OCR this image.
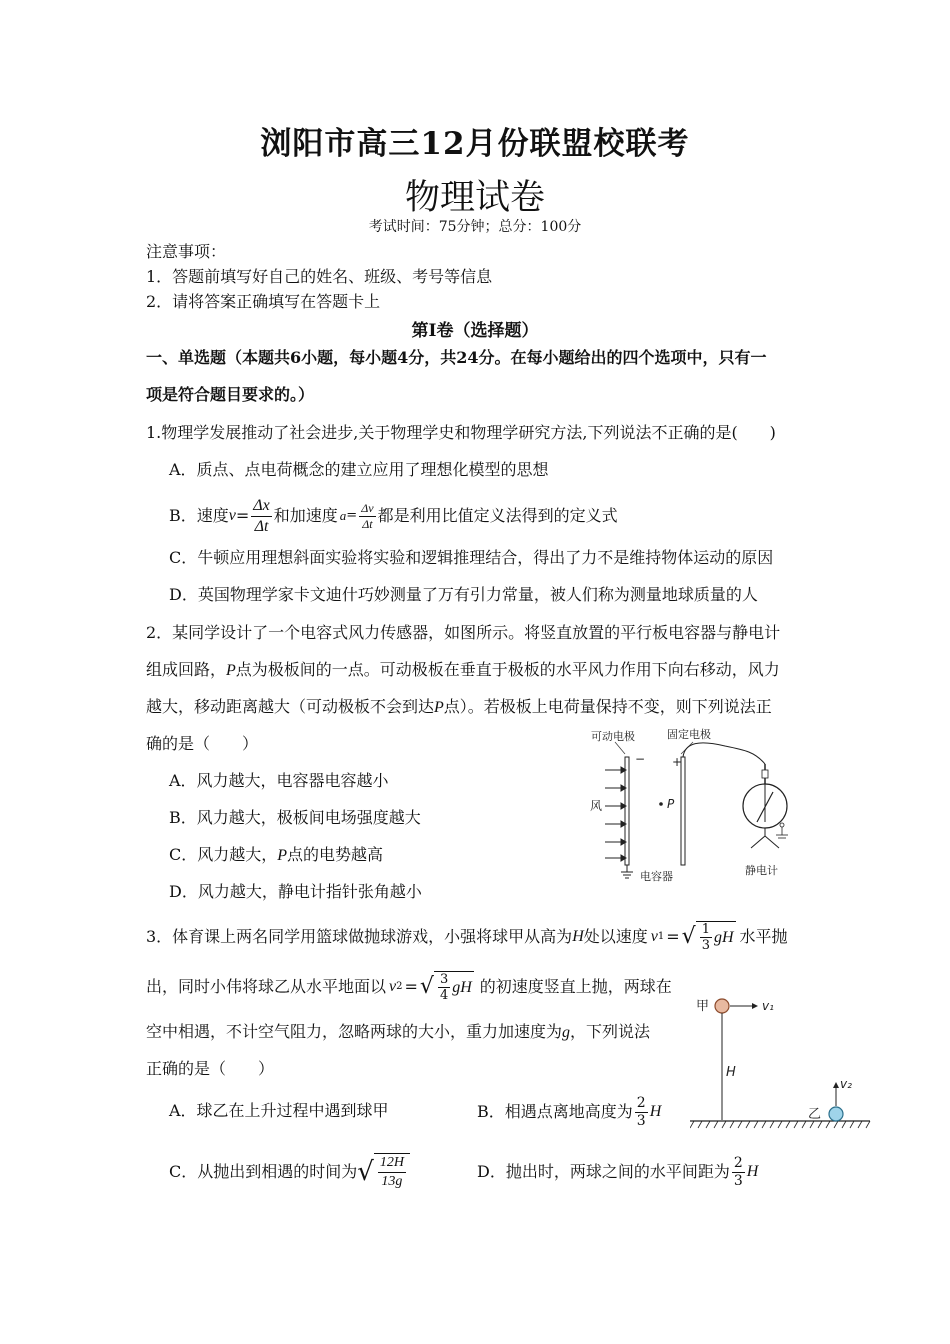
浏阳市高三12月份联盟校联考
物理试卷
考试时间：75分钟；总分：100分
注意事项：
1．答题前填写好自己的姓名、班级、考号等信息
2．请将答案正确填写在答题卡上
第Ⅰ卷（选择题）
一、单选题（本题共6小题，每小题4分，共24分。在每小题给出的四个选项中，只有一
项是符合题目要求的。）
1.物理学发展推动了社会进步,关于物理学史和物理学研究方法,下列说法不正确的是(　　)
A．质点、点电荷概念的建立应用了理想化模型的思想
B．速度 $v = \frac{\Delta x}{\Delta t}$ 和加速度 $a = \frac{\Delta v}{\Delta t}$ 都是利用比值定义法得到的定义式
C．牛顿应用理想斜面实验将实验和逻辑推理结合，得出了力不是维持物体运动的原因
D．英国物理学家卡文迪什巧妙测量了万有引力常量，被人们称为测量地球质量的人
2．某同学设计了一个电容式风力传感器，如图所示。将竖直放置的平行板电容器与静电计
组成回路，P点为极板间的一点。可动极板在垂直于极板的水平风力作用下向右移动，风力
越大，移动距离越大（可动极板不会到达P点）。若极板上电荷量保持不变，则下列说法正
确的是（　　）
A．风力越大，电容器电容越小
B．风力越大，极板间电场强度越大
C．风力越大，P点的电势越高
D．风力越大，静电计指针张角越小
可动电极	固定电极
−
风	P
+
电容器	静电计
3．体育课上两名同学用篮球做抛球游戏，小强将球甲从高为 H 处以速度 v 1 = √ $\frac{1}{3}$ gH 水平抛
出，同时小伟将球乙从水平地面以 v 2 = √ $\frac{3}{4}$ gH 的初速度竖直上抛，两球在
空中相遇，不计空气阻力，忽略两球的大小，重力加速度为g，下列说法
正确的是（　　）
A．球乙在上升过程中遇到球甲	B．相遇点离地高度为 $\frac{2}{3}$ H
C．从抛出到相遇的时间为 √ $\frac{12H}{13g}$	D．抛出时，两球之间的水平间距为 $\frac{2}{3}$ H
甲	v₁
H
乙
v₂
